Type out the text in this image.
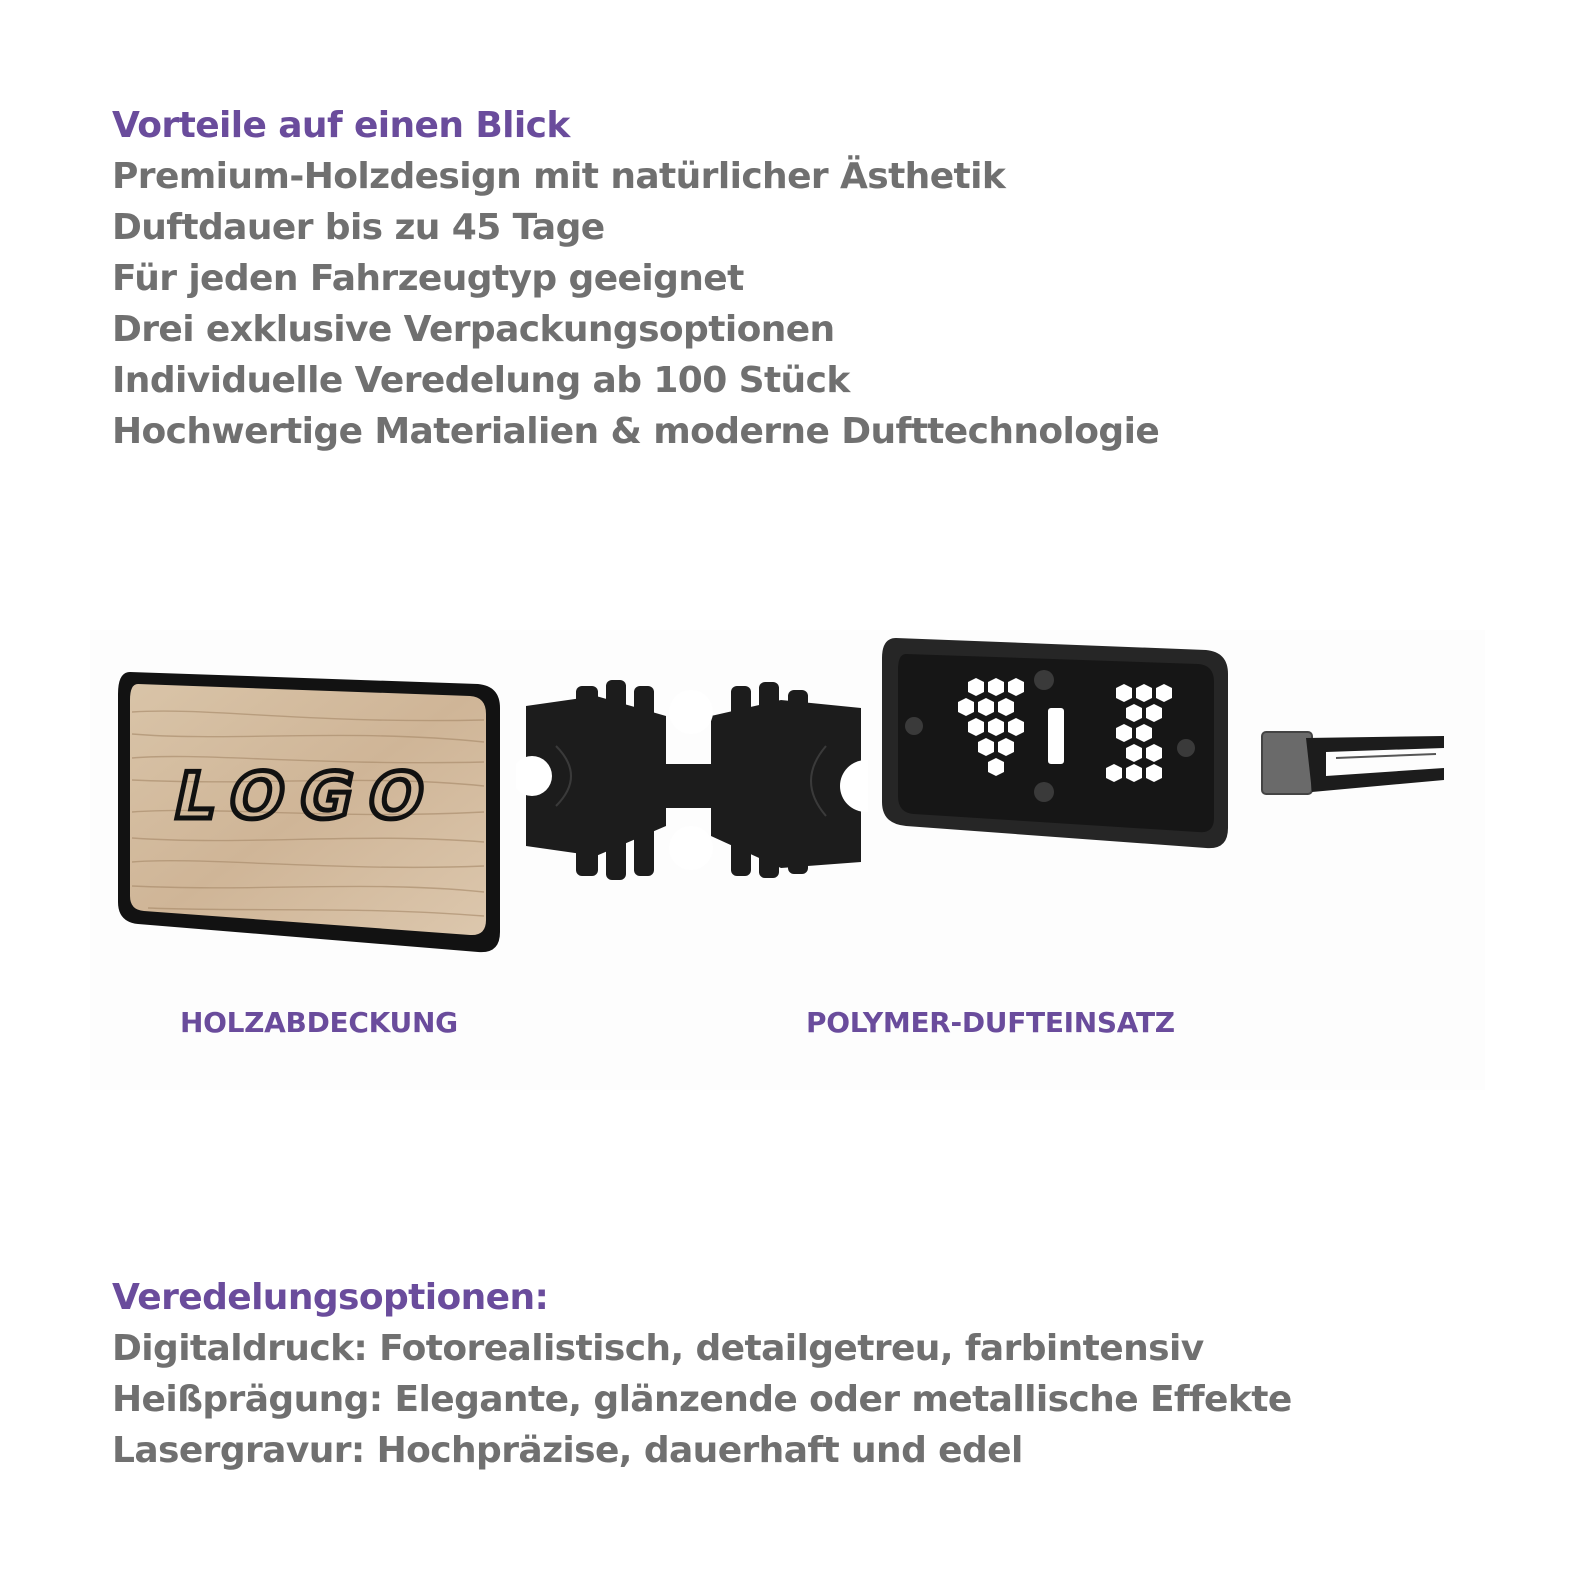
Vorteile auf einen Blick
Premium-Holzdesign mit natürlicher Ästhetik
Duftdauer bis zu 45 Tage
Für jeden Fahrzeugtyp geeignet
Drei exklusive Verpackungsoptionen
Individuelle Veredelung ab 100 Stück
Hochwertige Materialien & moderne Dufttechnologie
LOGO
HOLZABDECKUNG	POLYMER-DUFTEINSATZ
Veredelungsoptionen:
Digitaldruck: Fotorealistisch, detailgetreu, farbintensiv
Heißprägung: Elegante, glänzende oder metallische Effekte
Lasergravur: Hochpräzise, dauerhaft und edel
